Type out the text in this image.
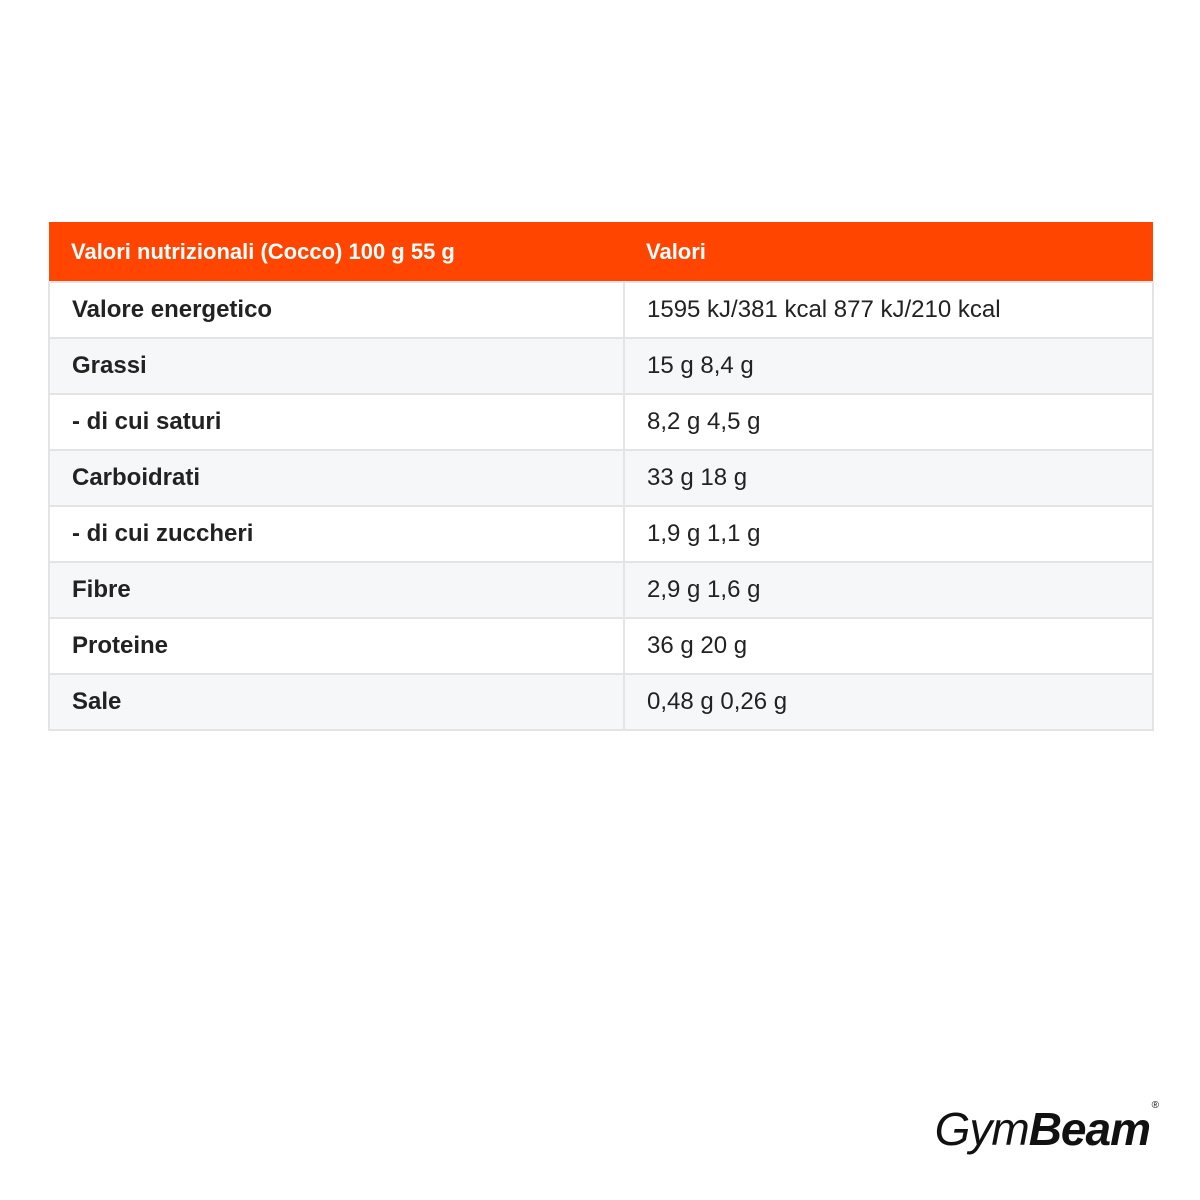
Valori nutrizionali (Cocco) 100 g 55 g	Valori
Valore energetico	1595 kJ/381 kcal 877 kJ/210 kcal
Grassi	15 g 8,4 g
- di cui saturi	8,2 g 4,5 g
Carboidrati	33 g 18 g
- di cui zuccheri	1,9 g 1,1 g
Fibre	2,9 g 1,6 g
Proteine	36 g 20 g
Sale	0,48 g 0,26 g
GymBeam ®
